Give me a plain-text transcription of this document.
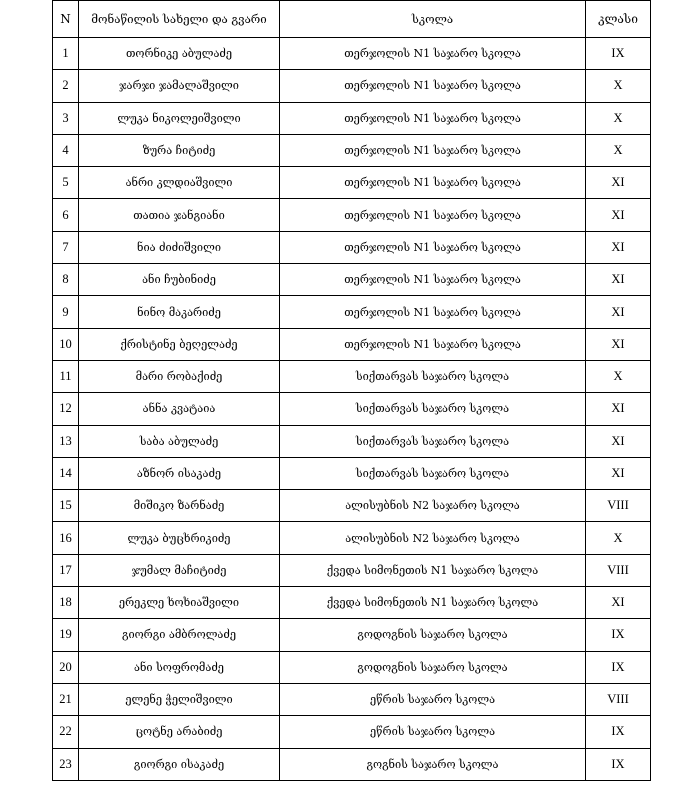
N	მონაწილის სახელი და გვარი	სკოლა	კლასი
1	თორნიკე აბულაძე	თერჯოლის N1 საჯარო სკოლა	IX
2	ჯარჯი ჯამალაშვილი	თერჯოლის N1 საჯარო სკოლა	X
3	ლუკა ნიკოლეიშვილი	თერჯოლის N1 საჯარო სკოლა	X
4	ზურა ჩიტიძე	თერჯოლის N1 საჯარო სკოლა	X
5	ანრი კლდიაშვილი	თერჯოლის N1 საჯარო სკოლა	XI
6	თათია ჯანგიანი	თერჯოლის N1 საჯარო სკოლა	XI
7	ნია ძიძიშვილი	თერჯოლის N1 საჯარო სკოლა	XI
8	ანი ჩუბინიძე	თერჯოლის N1 საჯარო სკოლა	XI
9	ნინო მაკარიძე	თერჯოლის N1 საჯარო სკოლა	XI
10	ქრისტინე ბეღელაძე	თერჯოლის N1 საჯარო სკოლა	XI
11	მარი რობაქიძე	სიქთარვას საჯარო სკოლა	X
12	ანნა კვატაია	სიქთარვას საჯარო სკოლა	XI
13	საბა აბულაძე	სიქთარვას საჯარო სკოლა	XI
14	აზნორ ისაკაძე	სიქთარვას საჯარო სკოლა	XI
15	მიშიკო ზარნაძე	ალისუბნის N2 საჯარო სკოლა	VIII
16	ლუკა ბუცხრიკიძე	ალისუბნის N2 საჯარო სკოლა	X
17	ჯუმალ მაჩიტიძე	ქვედა სიმონეთის N1 საჯარო სკოლა	VIII
18	ერეკლე ხოხიაშვილი	ქვედა სიმონეთის N1 საჯარო სკოლა	XI
19	გიორგი ამბროლაძე	გოდოგნის საჯარო სკოლა	IX
20	ანი სოფრომაძე	გოდოგნის საჯარო სკოლა	IX
21	ელენე ჭელიშვილი	ეწრის საჯარო სკოლა	VIII
22	ცოტნე არაბიძე	ეწრის საჯარო სკოლა	IX
23	გიორგი ისაკაძე	გოგნის საჯარო სკოლა	IX
